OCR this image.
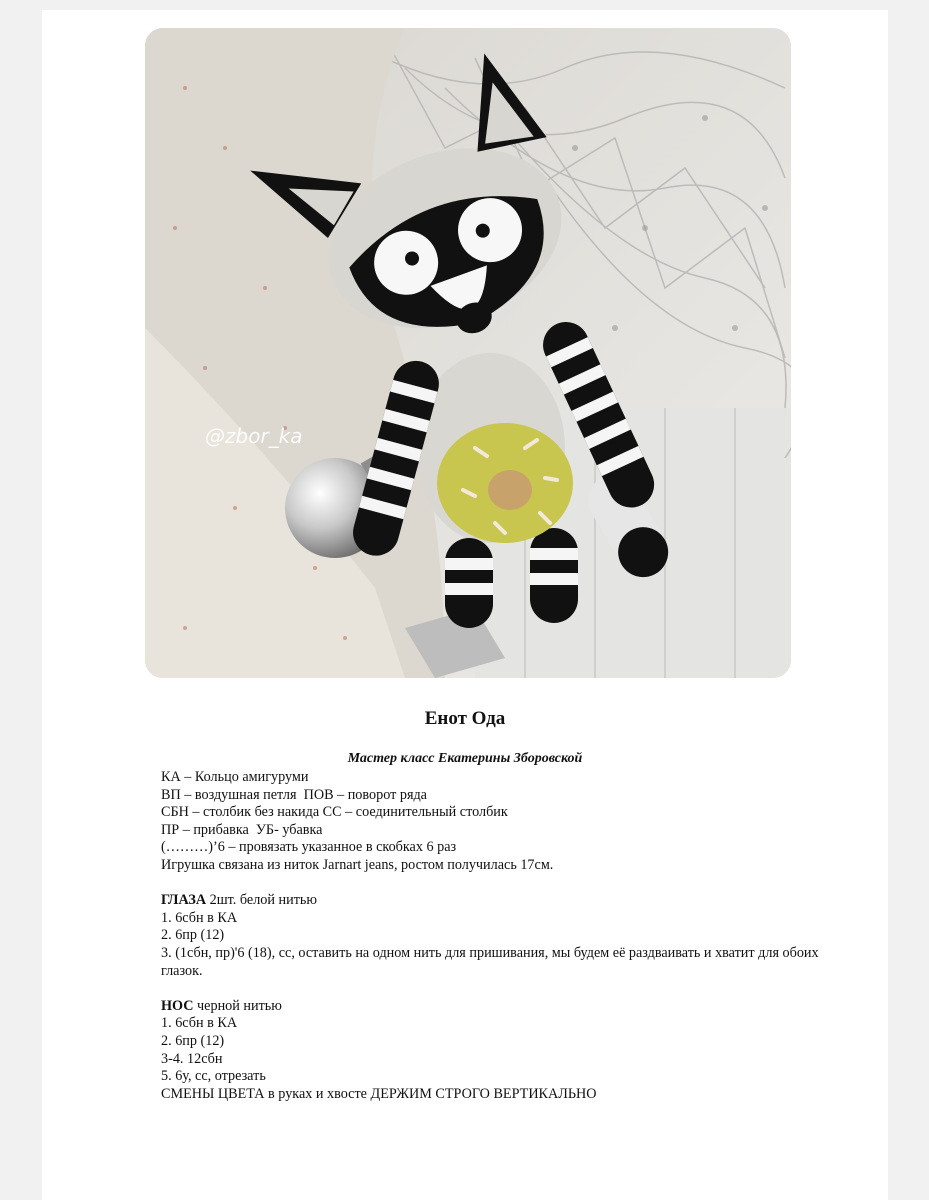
@zbor_ka
Енот Ода
Мастер класс Екатерины Зборовской
КА – Кольцо амигуруми
ВП – воздушная петля  ПОВ – поворот ряда
СБН – столбик без накида СС – соединительный столбик
ПР – прибавка  УБ- убавка
(………)’6 – провязать указанное в скобках 6 раз
Игрушка связана из ниток Jarnart jeans, ростом получилась 17см.
ГЛАЗА 2шт. белой нитью
1. 6сбн в КА
2. 6пр (12)
3. (1сбн, пр)'6 (18), сс, оставить на одном нить для пришивания, мы будем её раздваивать и хватит для обоих глазок.
НОС черной нитью
1. 6сбн в КА
2. 6пр (12)
3-4. 12сбн
5. 6у, сс, отрезать
СМЕНЫ ЦВЕТА в руках и хвосте ДЕРЖИМ СТРОГО ВЕРТИКАЛЬНО
